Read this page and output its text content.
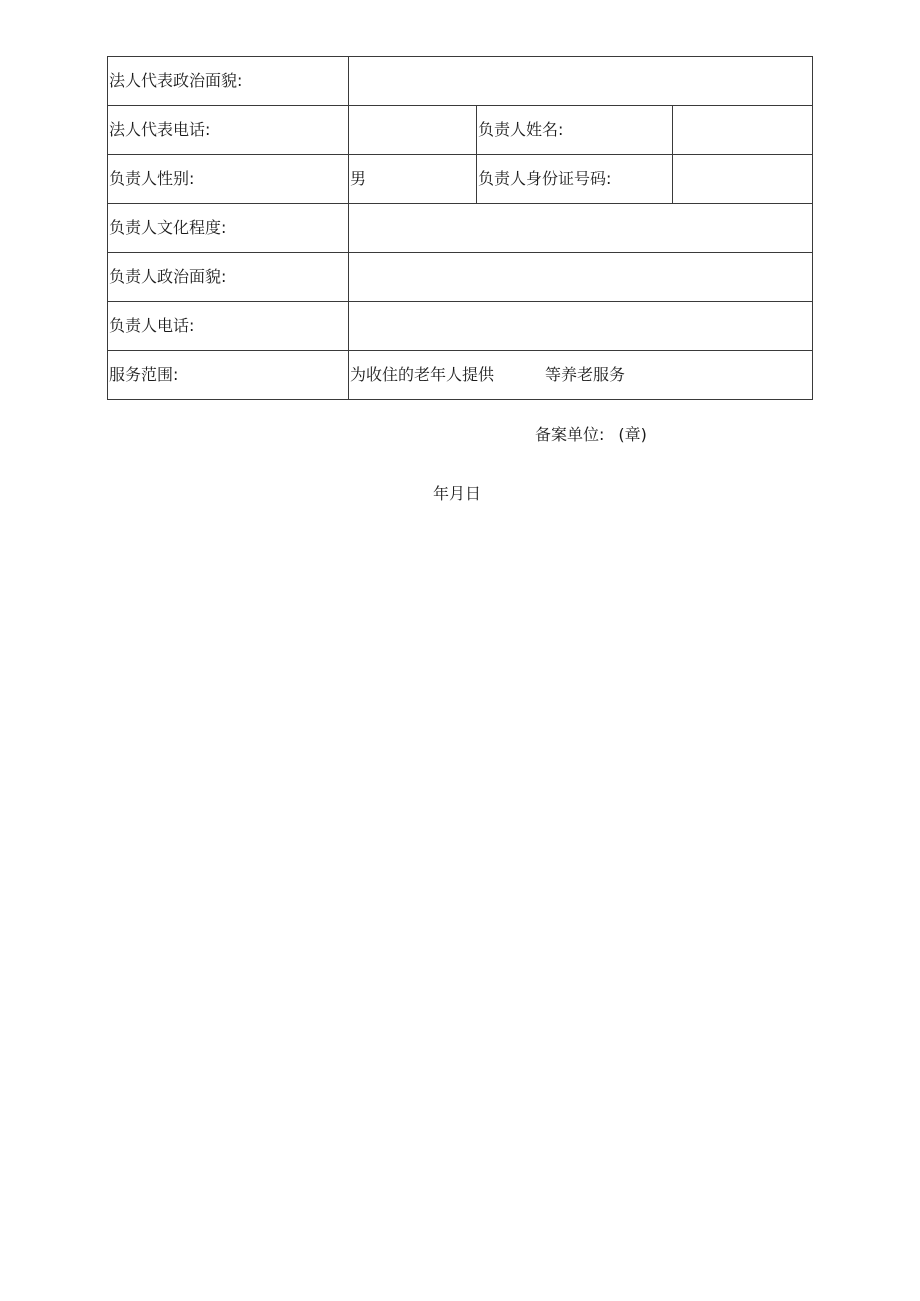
法人代表政治面貌:			
法人代表电话:		负责人姓名:	
负责人性别:	男	负责人身份证号码:	
负责人文化程度:			
负责人政治面貌:			
负责人电话:			
服务范围:	为收住的老年人提供 等养老服务		
备案单位: (章)
年月日
